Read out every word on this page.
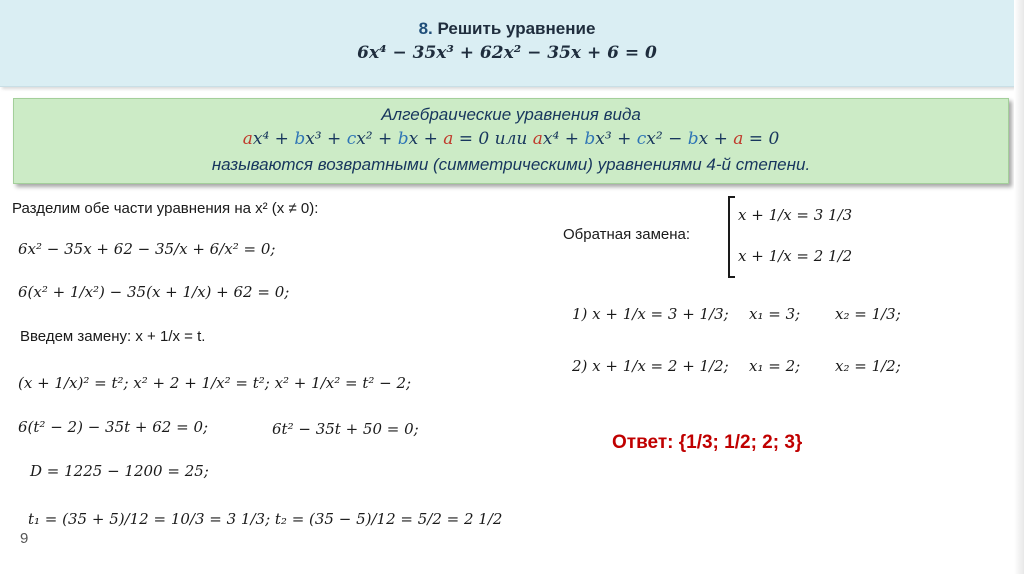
8. Решить уравнение
6x⁴ − 35x³ + 62x² − 35x + 6 = 0
Алгебраические уравнения вида
ax⁴ + bx³ + cx² + bx + a = 0 или ax⁴ + bx³ + cx² − bx + a = 0
называются возвратными (симметрическими) уравнениями 4-й степени.
Разделим обе части уравнения на x² (x ≠ 0):
6x² − 35x + 62 − 35/x + 6/x² = 0;
6(x² + 1/x²) − 35(x + 1/x) + 62 = 0;
Введем замену: x + 1/x = t.
(x + 1/x)² = t²; x² + 2 + 1/x² = t²; x² + 1/x² = t² − 2;
6(t² − 2) − 35t + 62 = 0;	6t² − 35t + 50 = 0;
D = 1225 − 1200 = 25;
t₁ = (35 + 5)/12 = 10/3 = 3 1/3; t₂ = (35 − 5)/12 = 5/2 = 2 1/2
Обратная замена:
x + 1/x = 3 1/3
x + 1/x = 2 1/2
1) x + 1/x = 3 + 1/3; x₁ = 3; x₂ = 1/3;
2) x + 1/x = 2 + 1/2; x₁ = 2; x₂ = 1/2;
Ответ: {1/3; 1/2; 2; 3}
9
